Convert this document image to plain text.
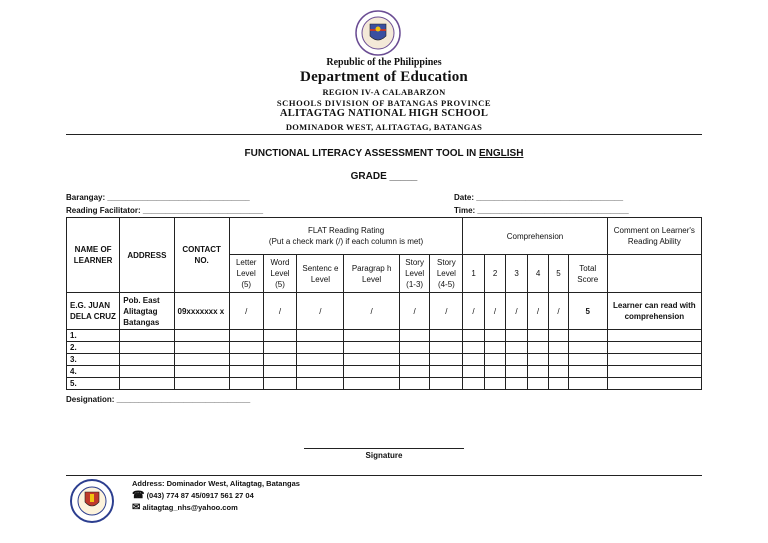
Republic of the Philippines
Department of Education
REGION IV-A CALABARZON
SCHOOLS DIVISION OF BATANGAS PROVINCE
ALITAGTAG NATIONAL HIGH SCHOOL
DOMINADOR WEST, ALITAGTAG, BATANGAS
FUNCTIONAL LITERACY ASSESSMENT TOOL IN ENGLISH
GRADE _____
Barangay: ________________________________
Reading Facilitator: ___________________________
Date: _________________________________
Time: __________________________________
NAME OF LEARNER	ADDRESS	CONTACT NO.	FLAT Reading Rating
(Put a check mark (/) if each column is met)						Comprehension						Comment on Learner's Reading Ability
			Letter Level (5)	Word Level (5)	Sentenc e Level	Paragrap h Level	Story Level (1-3)	Story Level (4-5)	1	2	3	4	5	Total Score	
E.G. JUAN DELA CRUZ	Pob. East Alitagtag Batangas	09xxxxxxx x	/	/	/	/	/	/	/	/	/	/	/	5	Learner can read with comprehension
1.															
2.															
3.															
4.															
5.															
Designation: ______________________________
Signature
Address: Dominador West, Alitagtag, Batangas
☎ (043) 774 87 45/0917 561 27 04
✉ alitagtag_nhs@yahoo.com
